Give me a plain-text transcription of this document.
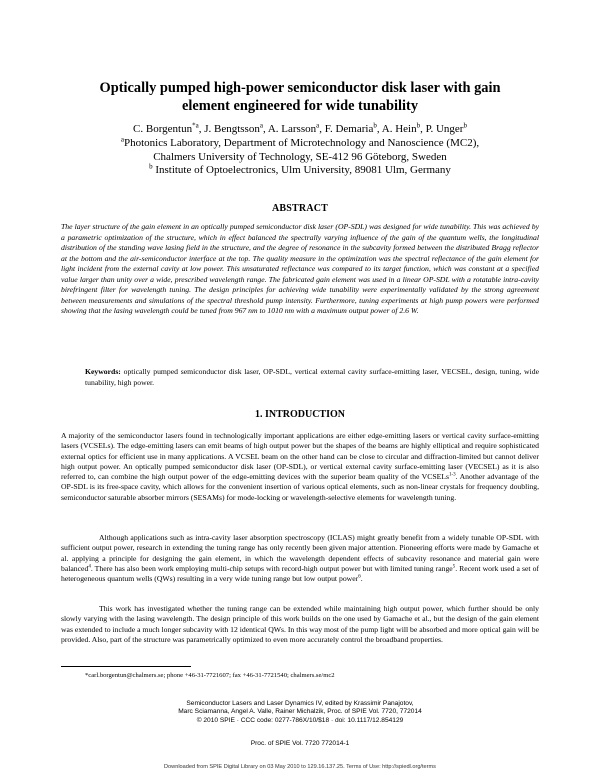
Optically pumped high-power semiconductor disk laser with gain
element engineered for wide tunability
C. Borgentun$^{*a}$, J. Bengtsson$^a$, A. Larsson$^a$, F. Demaria$^b$, A. Hein$^b$, P. Unger$^b$
$^a$Photonics Laboratory, Department of Microtechnology and Nanoscience (MC2),
Chalmers University of Technology, SE-412 96 Göteborg, Sweden
$^b$ Institute of Optoelectronics, Ulm University, 89081 Ulm, Germany
ABSTRACT
The layer structure of the gain element in an optically pumped semiconductor disk laser (OP-SDL) was designed for wide tunability. This was achieved by a parametric optimization of the structure, which in effect balanced the spectrally varying influence of the gain of the quantum wells, the longitudinal distribution of the standing wave lasing field in the structure, and the degree of resonance in the subcavity formed between the distributed Bragg reflector at the bottom and the air-semiconductor interface at the top. The quality measure in the optimization was the spectral reflectance of the gain element for light incident from the external cavity at low power. This unsaturated reflectance was compared to its target function, which was constant at a specified value larger than unity over a wide, prescribed wavelength range. The fabricated gain element was used in a linear OP-SDL with a rotatable intra-cavity birefringent filter for wavelength tuning. The design principles for achieving wide tunability were experimentally validated by the strong agreement between measurements and simulations of the spectral threshold pump intensity. Furthermore, tuning experiments at high pump powers were performed showing that the lasing wavelength could be tuned from 967 nm to 1010 nm with a maximum output power of 2.6 W.
Keywords: optically pumped semiconductor disk laser, OP-SDL, vertical external cavity surface-emitting laser, VECSEL, design, tuning, wide tunability, high power.
1. INTRODUCTION
A majority of the semiconductor lasers found in technologically important applications are either edge-emitting lasers or vertical cavity surface-emitting lasers (VCSELs). The edge-emitting lasers can emit beams of high output power but the shapes of the beams are highly elliptical and require sophisticated external optics for efficient use in many applications. A VCSEL beam on the other hand can be close to circular and diffraction-limited but cannot deliver high output power. An optically pumped semiconductor disk laser (OP-SDL), or vertical external cavity surface-emitting laser (VECSEL) as it is also referred to, can combine the high output power of the edge-emitting devices with the superior beam quality of the VCSELs$^{1-3}$. Another advantage of the OP-SDL is its free-space cavity, which allows for the convenient insertion of various optical elements, such as non-linear crystals for frequency doubling, semiconductor saturable absorber mirrors (SESAMs) for mode-locking or wavelength-selective elements for wavelength tuning.
Although applications such as intra-cavity laser absorption spectroscopy (ICLAS) might greatly benefit from a widely tunable OP-SDL with sufficient output power, research in extending the tuning range has only recently been given major attention. Pioneering efforts were made by Gamache et al. applying a principle for designing the gain element, in which the wavelength dependent effects of subcavity resonance and material gain were balanced$^4$. There has also been work employing multi-chip setups with record-high output power but with limited tuning range$^5$. Recent work used a set of heterogeneous quantum wells (QWs) resulting in a very wide tuning range but low output power$^6$.
This work has investigated whether the tuning range can be extended while maintaining high output power, which further should be only slowly varying with the lasing wavelength. The design principle of this work builds on the one used by Gamache et al., but the design of the gain element was extended to include a much longer subcavity with 12 identical QWs. In this way most of the pump light will be absorbed and more optical gain will be provided. Also, part of the structure was parametrically optimized to even more accurately control the broadband properties.
*carl.borgentun@chalmers.se; phone +46-31-7721607; fax +46-31-7721540; chalmers.se/mc2
Semiconductor Lasers and Laser Dynamics IV, edited by Krassimir Panajotov,
Marc Sciamanna, Angel A. Valle, Rainer Michalzik, Proc. of SPIE Vol. 7720, 772014
© 2010 SPIE · CCC code: 0277-786X/10/$18 · doi: 10.1117/12.854129
Proc. of SPIE Vol. 7720 772014-1
Downloaded from SPIE Digital Library on 03 May 2010 to 129.16.137.25. Terms of Use: http://spiedl.org/terms
